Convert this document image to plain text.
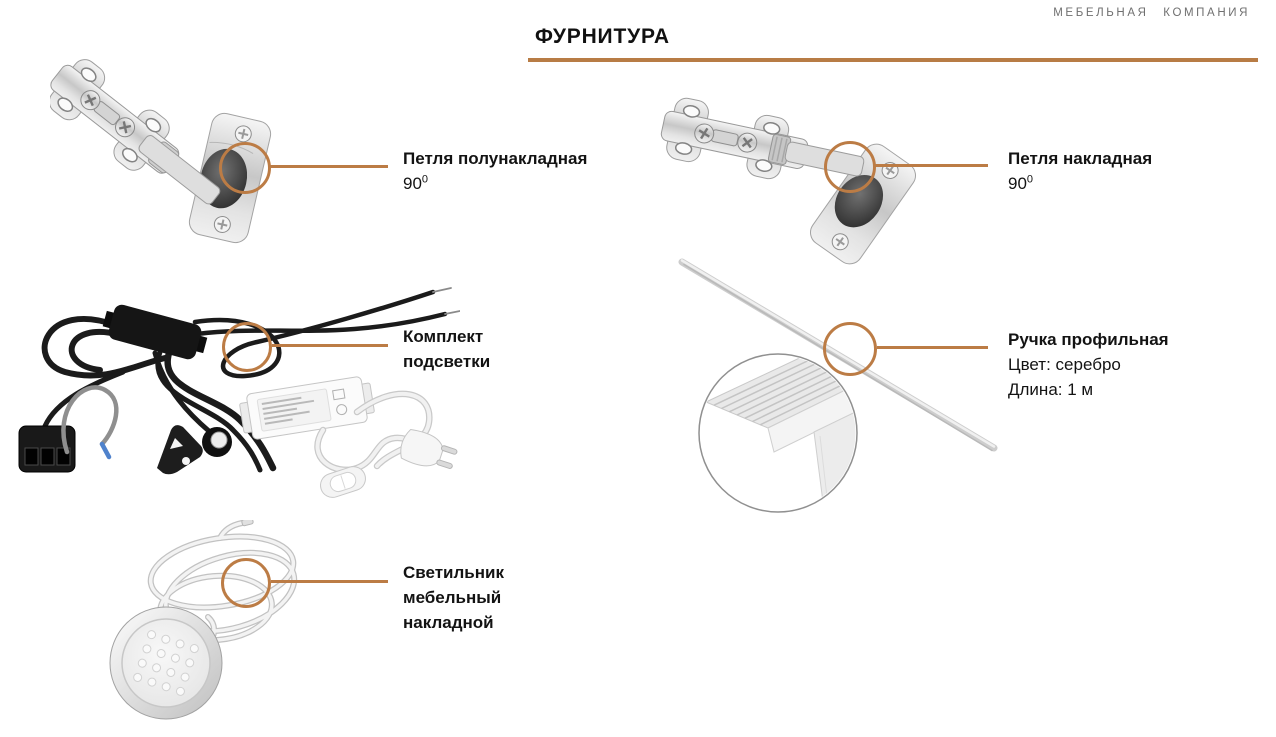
МЕБЕЛЬНАЯ КОМПАНИЯ
ФУРНИТУРА
Петля полунакладная
$90^0$
Петля накладная
$90^0$
Комплект
подсветки
Ручка профильная
Цвет: серебро
Длина: 1 м
Светильник
мебельный
накладной
